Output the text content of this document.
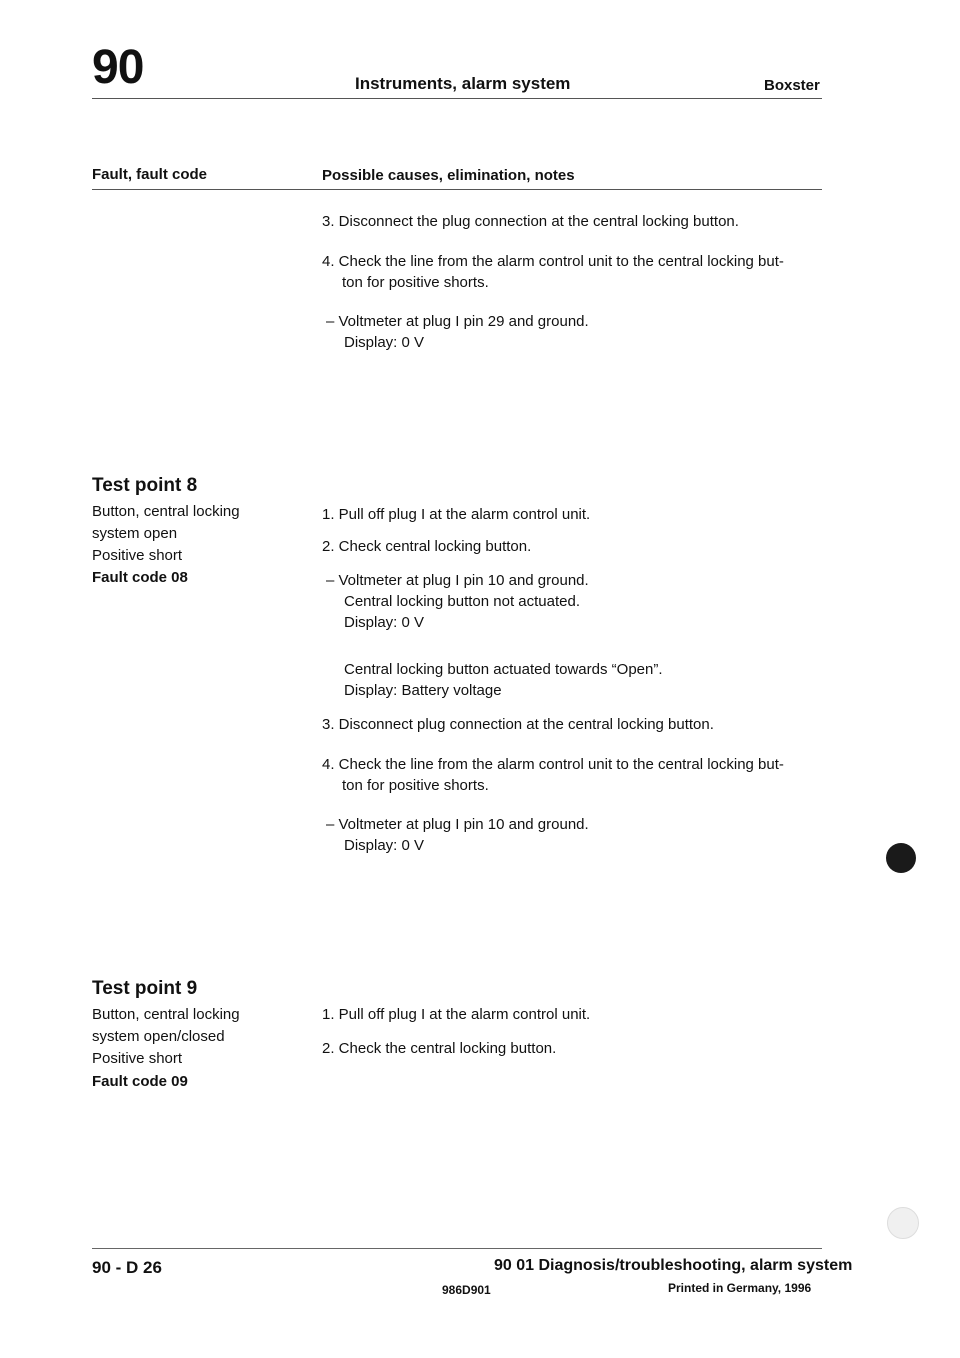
90	Instruments, alarm system	Boxster
Fault, fault code	Possible causes, elimination, notes
3. Disconnect the plug connection at the central locking button.
4. Check the line from the alarm control unit to the central locking but-
ton for positive shorts.
– Voltmeter at plug I pin 29 and ground.
Display: 0 V
Test point 8
Button, central locking
system open
Positive short
Fault code 08
1. Pull off plug I at the alarm control unit.
2. Check central locking button.
– Voltmeter at plug I pin 10 and ground.
Central locking button not actuated.
Display: 0 V
Central locking button actuated towards “Open”.
Display: Battery voltage
3. Disconnect plug connection at the central locking button.
4. Check the line from the alarm control unit to the central locking but-
ton for positive shorts.
– Voltmeter at plug I pin 10 and ground.
Display: 0 V
Test point 9
Button, central locking
system open/closed
Positive short
Fault code 09
1. Pull off plug I at the alarm control unit.
2. Check the central locking button.
90 - D 26	90 01 Diagnosis/troubleshooting, alarm system
986D901	Printed in Germany, 1996
